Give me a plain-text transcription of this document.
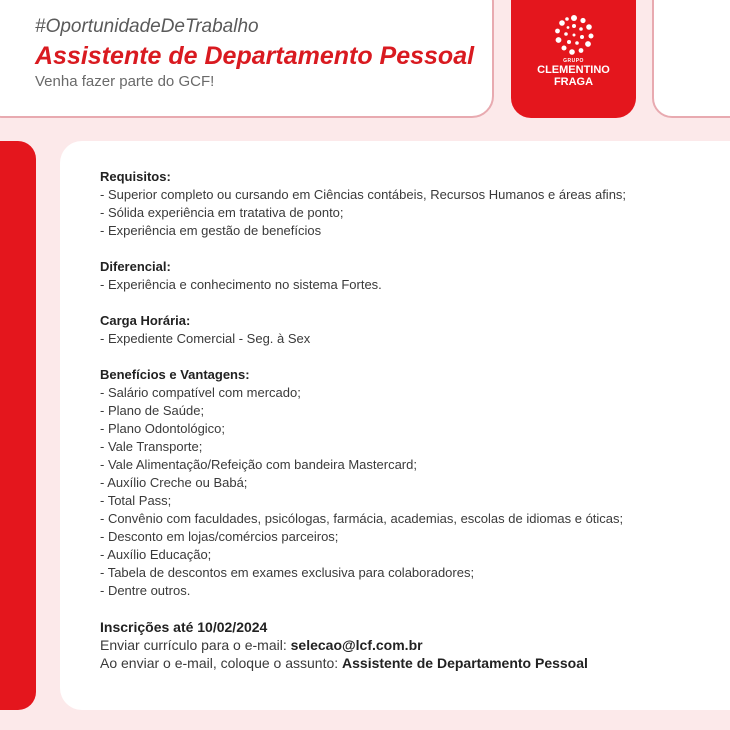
#OportunidadeDeTrabalho
Assistente de Departamento Pessoal
Venha fazer parte do GCF!
GRUPO
CLEMENTINO
FRAGA
Requisitos:
- Superior completo ou cursando em Ciências contábeis, Recursos Humanos e áreas afins;
- Sólida experiência em tratativa de ponto;
- Experiência em gestão de benefícios
Diferencial:
- Experiência e conhecimento no sistema Fortes.
Carga Horária:
- Expediente Comercial - Seg. à Sex
Benefícios e Vantagens:
- Salário compatível com mercado;
- Plano de Saúde;
- Plano Odontológico;
- Vale Transporte;
- Vale Alimentação/Refeição com bandeira Mastercard;
- Auxílio Creche ou Babá;
- Total Pass;
- Convênio com faculdades, psicólogas, farmácia, academias, escolas de idiomas e óticas;
- Desconto em lojas/comércios parceiros;
- Auxílio Educação;
- Tabela de descontos em exames exclusiva para colaboradores;
- Dentre outros.
Inscrições até 10/02/2024
Enviar currículo para o e-mail: selecao@lcf.com.br
Ao enviar o e-mail, coloque o assunto: Assistente de Departamento Pessoal
